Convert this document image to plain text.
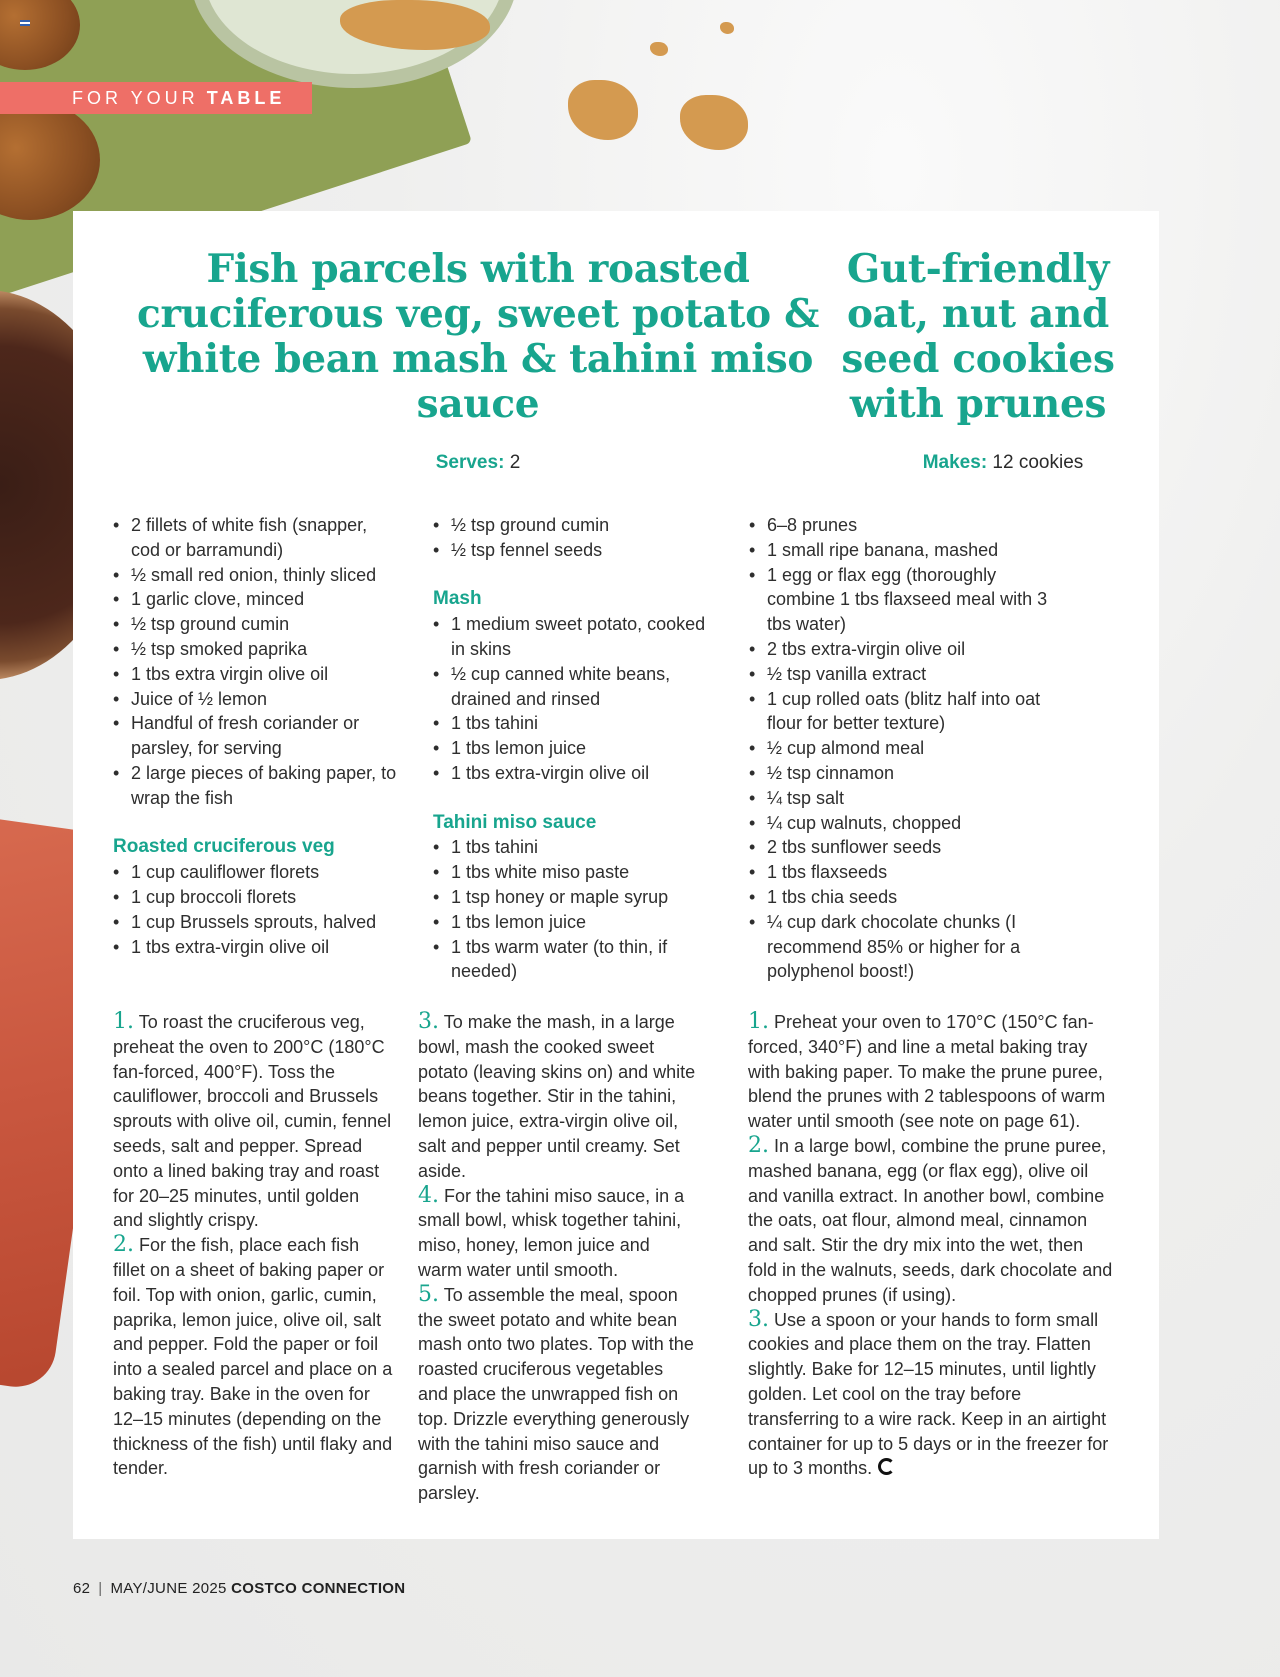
FOR YOUR TABLE
Fish parcels with roasted cruciferous veg, sweet potato & white bean mash & tahini miso sauce
Gut-friendly oat, nut and seed cookies with prunes
Serves: 2	Makes: 12 cookies
• 2 fillets of white fish (snapper, cod or barramundi)
• ½ small red onion, thinly sliced
• 1 garlic clove, minced
• ½ tsp ground cumin
• ½ tsp smoked paprika
• 1 tbs extra virgin olive oil
• Juice of ½ lemon
• Handful of fresh coriander or parsley, for serving
• 2 large pieces of baking paper, to wrap the fish
Roasted cruciferous veg
• 1 cup cauliflower florets
• 1 cup broccoli florets
• 1 cup Brussels sprouts, halved
• 1 tbs extra-virgin olive oil
• ½ tsp ground cumin
• ½ tsp fennel seeds
Mash
• 1 medium sweet potato, cooked in skins
• ½ cup canned white beans, drained and rinsed
• 1 tbs tahini
• 1 tbs lemon juice
• 1 tbs extra-virgin olive oil
Tahini miso sauce
• 1 tbs tahini
• 1 tbs white miso paste
• 1 tsp honey or maple syrup
• 1 tbs lemon juice
• 1 tbs warm water (to thin, if needed)
• 6–8 prunes
• 1 small ripe banana, mashed
• 1 egg or flax egg (thoroughly combine 1 tbs flaxseed meal with 3 tbs water)
• 2 tbs extra-virgin olive oil
• ½ tsp vanilla extract
• 1 cup rolled oats (blitz half into oat flour for better texture)
• ½ cup almond meal
• ½ tsp cinnamon
• ¼ tsp salt
• ¼ cup walnuts, chopped
• 2 tbs sunflower seeds
• 1 tbs flaxseeds
• 1 tbs chia seeds
• ¼ cup dark chocolate chunks (I recommend 85% or higher for a polyphenol boost!)

1. To roast the cruciferous veg, preheat the oven to 200°C (180°C fan-forced, 400°F). Toss the cauliflower, broccoli and Brussels sprouts with olive oil, cumin, fennel seeds, salt and pepper. Spread onto a lined baking tray and roast for 20–25 minutes, until golden and slightly crispy.

2. For the fish, place each fish fillet on a sheet of baking paper or foil. Top with onion, garlic, cumin, paprika, lemon juice, olive oil, salt and pepper. Fold the paper or foil into a sealed parcel and place on a baking tray. Bake in the oven for 12–15 minutes (depending on the thickness of the fish) until flaky and tender.

3. To make the mash, in a large bowl, mash the cooked sweet potato (leaving skins on) and white beans together. Stir in the tahini, lemon juice, extra-virgin olive oil, salt and pepper until creamy. Set aside.

4. For the tahini miso sauce, in a small bowl, whisk together tahini, miso, honey, lemon juice and warm water until smooth.

5. To assemble the meal, spoon the sweet potato and white bean mash onto two plates. Top with the roasted cruciferous vegetables and place the unwrapped fish on top. Drizzle everything generously with the tahini miso sauce and garnish with fresh coriander or parsley.

1. Preheat your oven to 170°C (150°C fan-forced, 340°F) and line a metal baking tray with baking paper. To make the prune puree, blend the prunes with 2 tablespoons of warm water until smooth (see note on page 61).

2. In a large bowl, combine the prune puree, mashed banana, egg (or flax egg), olive oil and vanilla extract. In another bowl, combine the oats, oat flour, almond meal, cinnamon and salt. Stir the dry mix into the wet, then fold in the walnuts, seeds, dark chocolate and chopped prunes (if using).

3. Use a spoon or your hands to form small cookies and place them on the tray. Flatten slightly. Bake for 12–15 minutes, until lightly golden. Let cool on the tray before transferring to a wire rack. Keep in an airtight container for up to 5 days or in the freezer for up to 3 months.

62 | MAY/JUNE 2025 COSTCO CONNECTION
